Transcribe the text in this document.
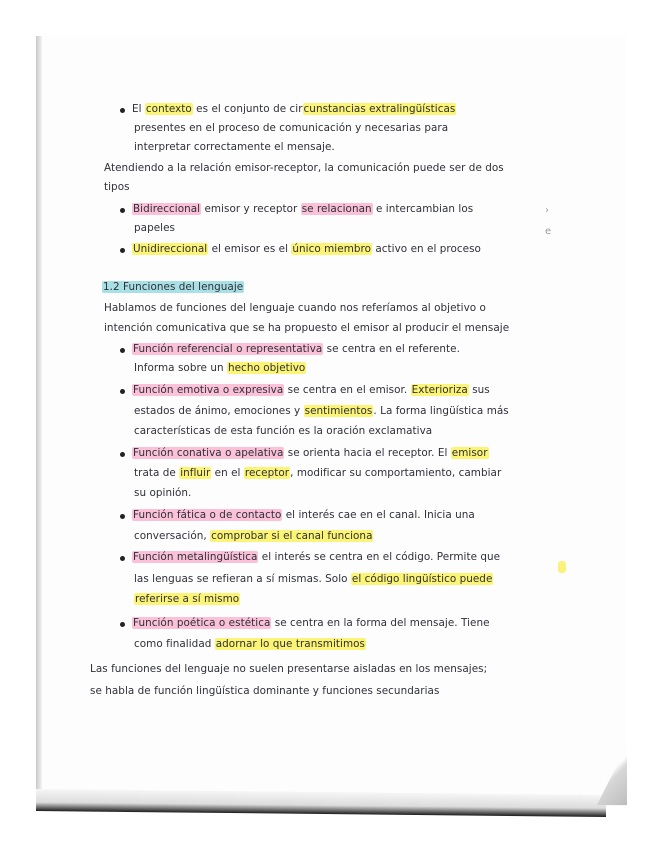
›
e
El contexto es el conjunto de circunstancias extralingüísticas
presentes en el proceso de comunicación y necesarias para
interpretar correctamente el mensaje.
Atendiendo a la relación emisor-receptor, la comunicación puede ser de dos
tipos
Bidireccional emisor y receptor se relacionan e intercambian los
papeles
Unidireccional el emisor es el único miembro activo en el proceso
1.2 Funciones del lenguaje
Hablamos de funciones del lenguaje cuando nos referíamos al objetivo o
intención comunicativa que se ha propuesto el emisor al producir el mensaje
Función referencial o representativa se centra en el referente.
Informa sobre un hecho objetivo
Función emotiva o expresiva se centra en el emisor. Exterioriza sus
estados de ánimo, emociones y sentimientos. La forma lingüística más
características de esta función es la oración exclamativa
Función conativa o apelativa se orienta hacia el receptor. El emisor
trata de influir en el receptor, modificar su comportamiento, cambiar
su opinión.
Función fática o de contacto el interés cae en el canal. Inicia una
conversación, comprobar si el canal funciona
Función metalingüística el interés se centra en el código. Permite que
las lenguas se refieran a sí mismas. Solo el código lingüístico puede
referirse a sí mismo
Función poética o estética se centra en la forma del mensaje. Tiene
como finalidad adornar lo que transmitimos
Las funciones del lenguaje no suelen presentarse aisladas en los mensajes;
se habla de función lingüística dominante y funciones secundarias
